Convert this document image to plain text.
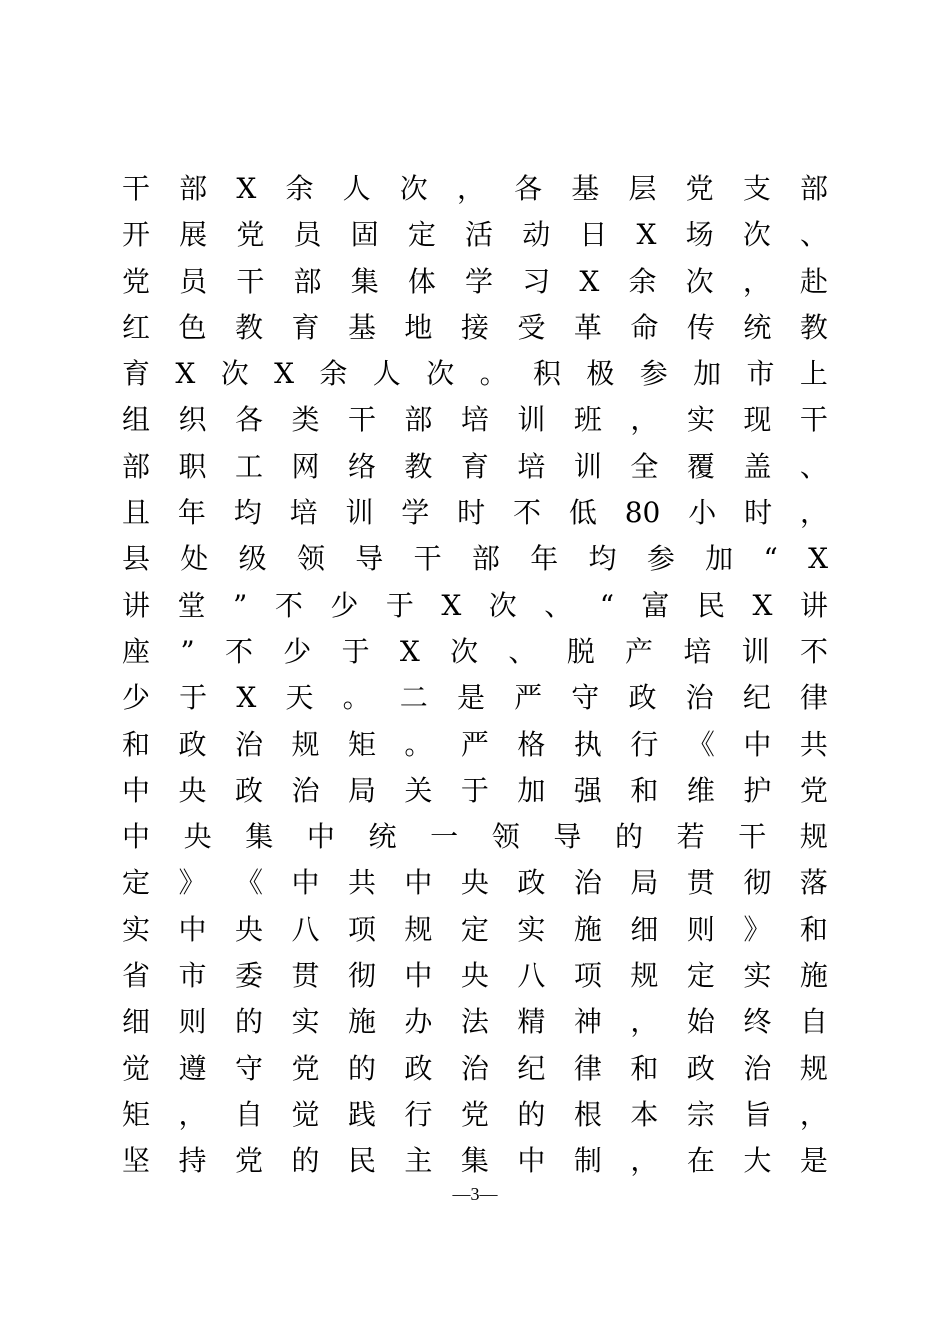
干 部 X 余 人 次 ， 各 基 层 党 支 部
开 展 党 员 固 定 活 动 日 X 场 次 、
党 员 干 部 集 体 学 习 X 余 次 ， 赴
红 色 教 育 基 地 接 受 革 命 传 统 教
育 X 次 X 余 人 次 。 积 极 参 加 市 上
组 织 各 类 干 部 培 训 班 ， 实 现 干
部 职 工 网 络 教 育 培 训 全 覆 盖 、
且 年 均 培 训 学 时 不 低 80 小 时 ，
县 处 级 领 导 干 部 年 均 参 加 “ X
讲 堂 ” 不 少 于 X 次 、 “ 富 民 X 讲
座 ” 不 少 于 X 次 、 脱 产 培 训 不
少 于 X 天 。 二 是 严 守 政 治 纪 律
和 政 治 规 矩 。 严 格 执 行 《 中 共
中 央 政 治 局 关 于 加 强 和 维 护 党
中 央 集 中 统 一 领 导 的 若 干 规
定 》 《 中 共 中 央 政 治 局 贯 彻 落
实 中 央 八 项 规 定 实 施 细 则 》 和
省 市 委 贯 彻 中 央 八 项 规 定 实 施
细 则 的 实 施 办 法 精 神 ， 始 终 自
觉 遵 守 党 的 政 治 纪 律 和 政 治 规
矩 ， 自 觉 践 行 党 的 根 本 宗 旨 ，
坚 持 党 的 民 主 集 中 制 ， 在 大 是
—3—
